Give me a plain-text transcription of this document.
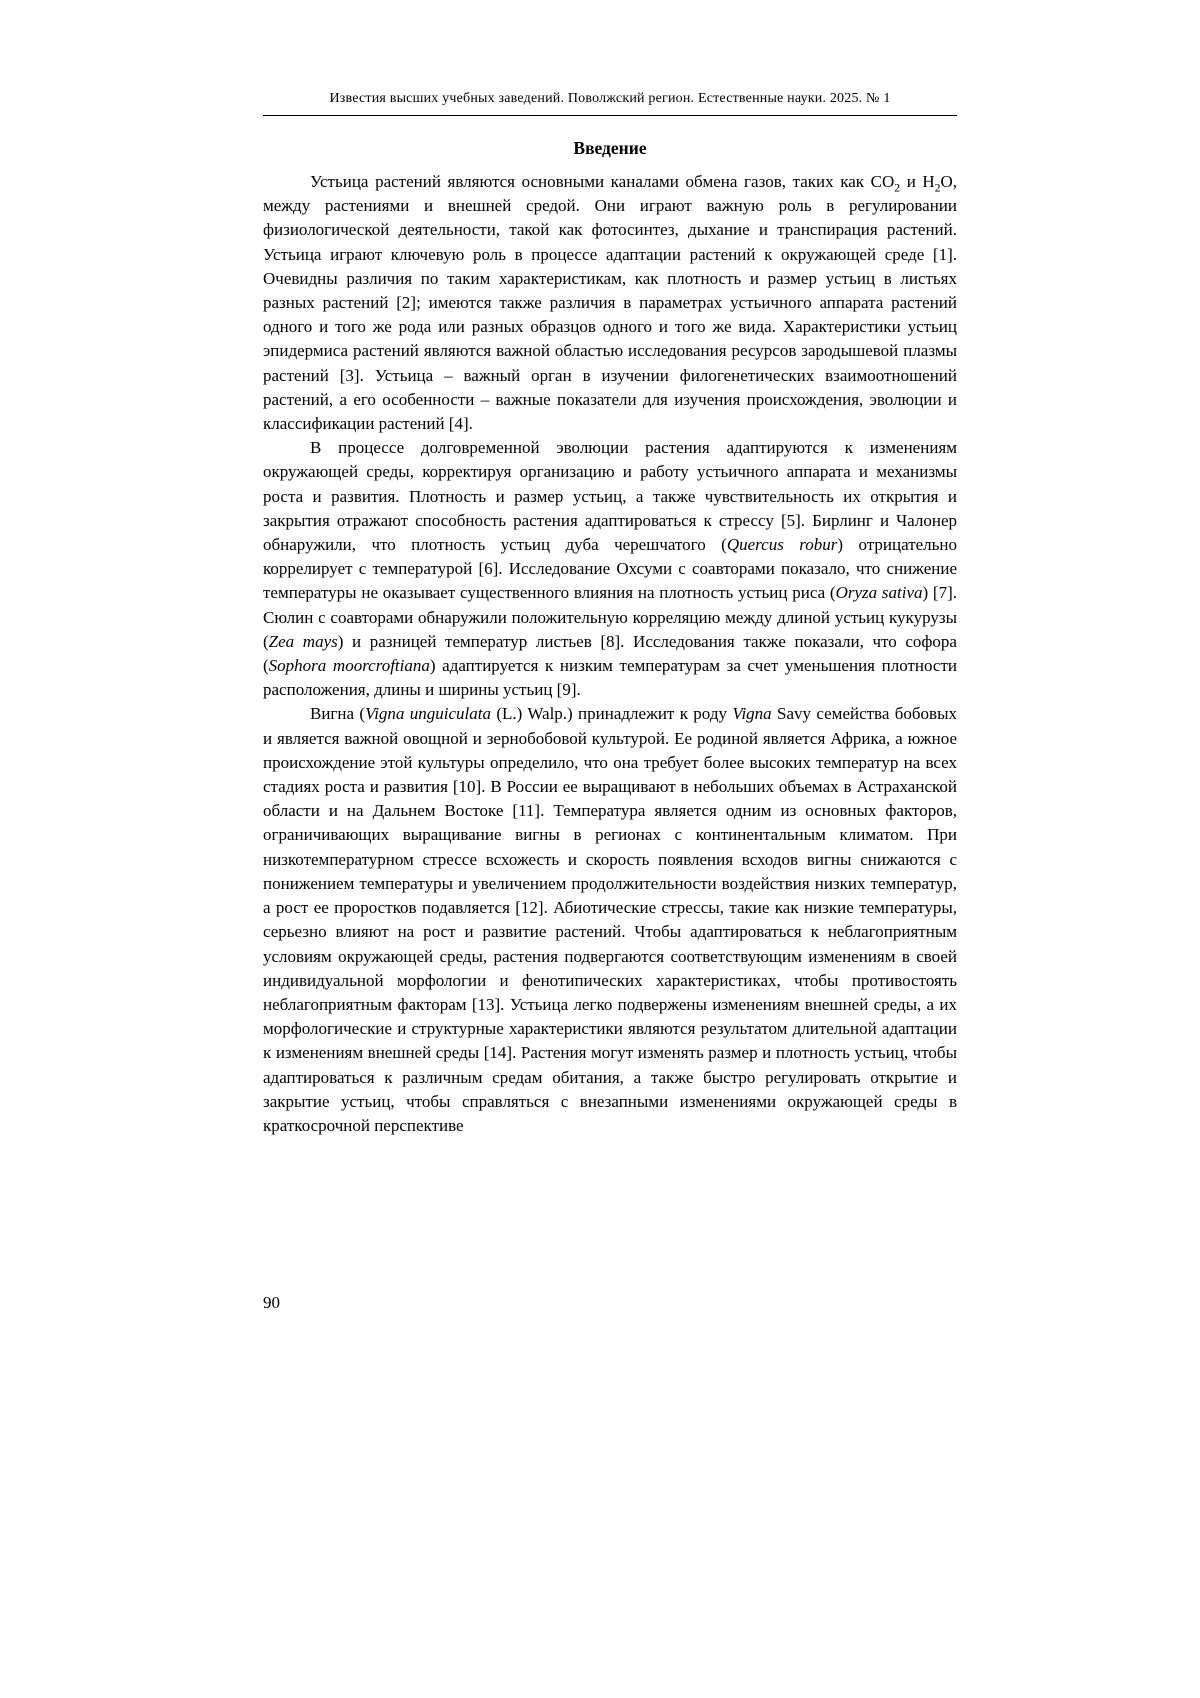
Известия высших учебных заведений. Поволжский регион. Естественные науки. 2025. № 1
Введение

Устьица растений являются основными каналами обмена газов, таких как $CO_2$ и $H_2O$, между растениями и внешней средой. Они играют важную роль в регулировании физиологической деятельности, такой как фотосинтез, дыхание и транспирация растений. Устьица играют ключевую роль в процессе адаптации растений к окружающей среде [1]. Очевидны различия по таким характеристикам, как плотность и размер устьиц в листьях разных растений [2]; имеются также различия в параметрах устьичного аппарата растений одного и того же рода или разных образцов одного и того же вида. Характеристики устьиц эпидермиса растений являются важной областью исследования ресурсов зародышевой плазмы растений [3]. Устьица – важный орган в изучении филогенетических взаимоотношений растений, а его особенности – важные показатели для изучения происхождения, эволюции и классификации растений [4].

В процессе долговременной эволюции растения адаптируются к изменениям окружающей среды, корректируя организацию и работу устьичного аппарата и механизмы роста и развития. Плотность и размер устьиц, а также чувствительность их открытия и закрытия отражают способность растения адаптироваться к стрессу [5]. Бирлинг и Чалонер обнаружили, что плотность устьиц дуба черешчатого (Quercus robur) отрицательно коррелирует с температурой [6]. Исследование Охсуми с соавторами показало, что снижение температуры не оказывает существенного влияния на плотность устьиц риса (Oryza sativa) [7]. Сюлин с соавторами обнаружили положительную корреляцию между длиной устьиц кукурузы (Zea mays) и разницей температур листьев [8]. Исследования также показали, что софора (Sophora moorcroftiana) адаптируется к низким температурам за счет уменьшения плотности расположения, длины и ширины устьиц [9].

Вигна (Vigna unguiculata (L.) Walp.) принадлежит к роду Vigna Savy семейства бобовых и является важной овощной и зернобобовой культурой. Ее родиной является Африка, а южное происхождение этой культуры определило, что она требует более высоких температур на всех стадиях роста и развития [10]. В России ее выращивают в небольших объемах в Астраханской области и на Дальнем Востоке [11]. Температура является одним из основных факторов, ограничивающих выращивание вигны в регионах с континентальным климатом. При низкотемпературном стрессе всхожесть и скорость появления всходов вигны снижаются с понижением температуры и увеличением продолжительности воздействия низких температур, а рост ее проростков подавляется [12]. Абиотические стрессы, такие как низкие температуры, серьезно влияют на рост и развитие растений. Чтобы адаптироваться к неблагоприятным условиям окружающей среды, растения подвергаются соответствующим изменениям в своей индивидуальной морфологии и фенотипических характеристиках, чтобы противостоять неблагоприятным факторам [13]. Устьица легко подвержены изменениям внешней среды, а их морфологические и структурные характеристики являются результатом длительной адаптации к изменениям внешней среды [14]. Растения могут изменять размер и плотность устьиц, чтобы адаптироваться к различным средам обитания, а также быстро регулировать открытие и закрытие устьиц, чтобы справляться с внезапными изменениями окружающей среды в краткосрочной перспективе

90
